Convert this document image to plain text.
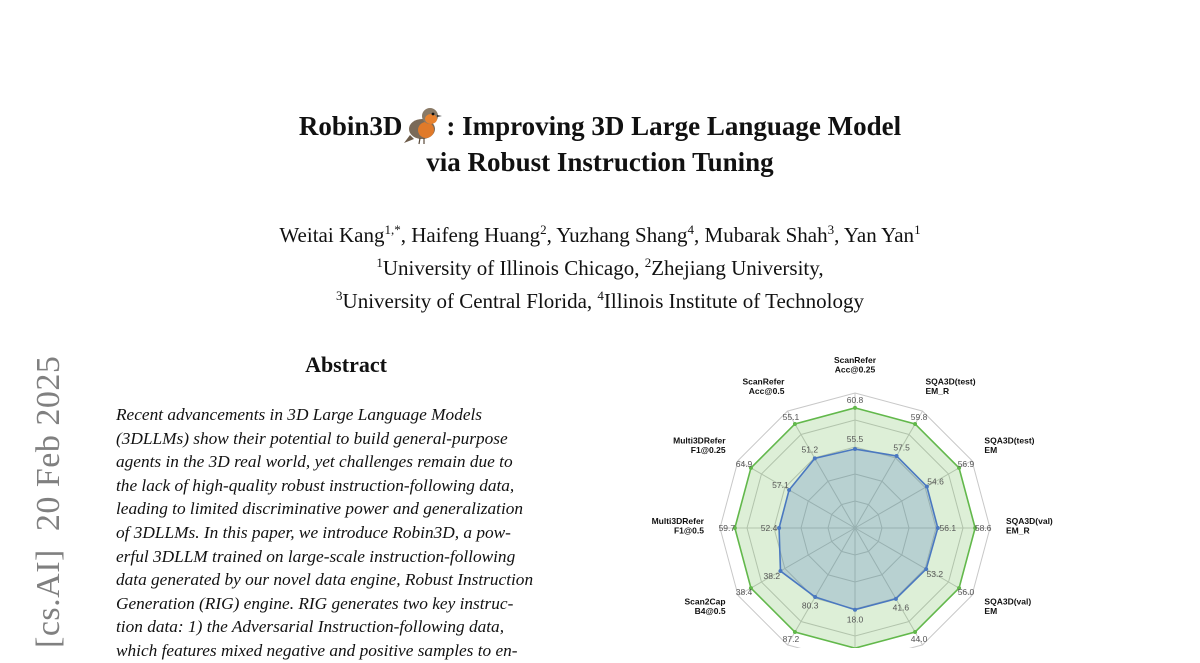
[cs.AI]  20 Feb 2025
Robin3D : Improving 3D Large Language Model
via Robust Instruction Tuning
Weitai Kang$^{1,*}$, Haifeng Huang$^2$, Yuzhang Shang$^4$, Mubarak Shah$^3$, Yan Yan$^1$
$^1$University of Illinois Chicago, $^2$Zhejiang University,
$^3$University of Central Florida, $^4$Illinois Institute of Technology
Abstract
Recent advancements in 3D Large Language Models
(3DLLMs) show their potential to build general-purpose
agents in the 3D real world, yet challenges remain due to
the lack of high-quality robust instruction-following data,
leading to limited discriminative power and generalization
of 3DLLMs. In this paper, we introduce Robin3D, a pow-
erful 3DLLM trained on large-scale instruction-following
data generated by our novel data engine, Robust Instruction
Generation (RIG) engine. RIG generates two key instruc-
tion data: 1) the Adversarial Instruction-following data,
which features mixed negative and positive samples to en-
60.8
55.5
ScanRefer
Acc@0.25
59.8
57.5
SQA3D(test)
EM_R
56.9
54.6
SQA3D(test)
EM
58.6
56.1
SQA3D(val)
EM_R
56.0
53.2
SQA3D(val)
EM
44.0
41.6
18.0
87.2
80.3
38.4
38.2
Scan2Cap
B4@0.5
59.7	52.4
Multi3DRefer
F1@0.5
64.9
57.1
Multi3DRefer
F1@0.25
55.1
51.2
ScanRefer
Acc@0.5
